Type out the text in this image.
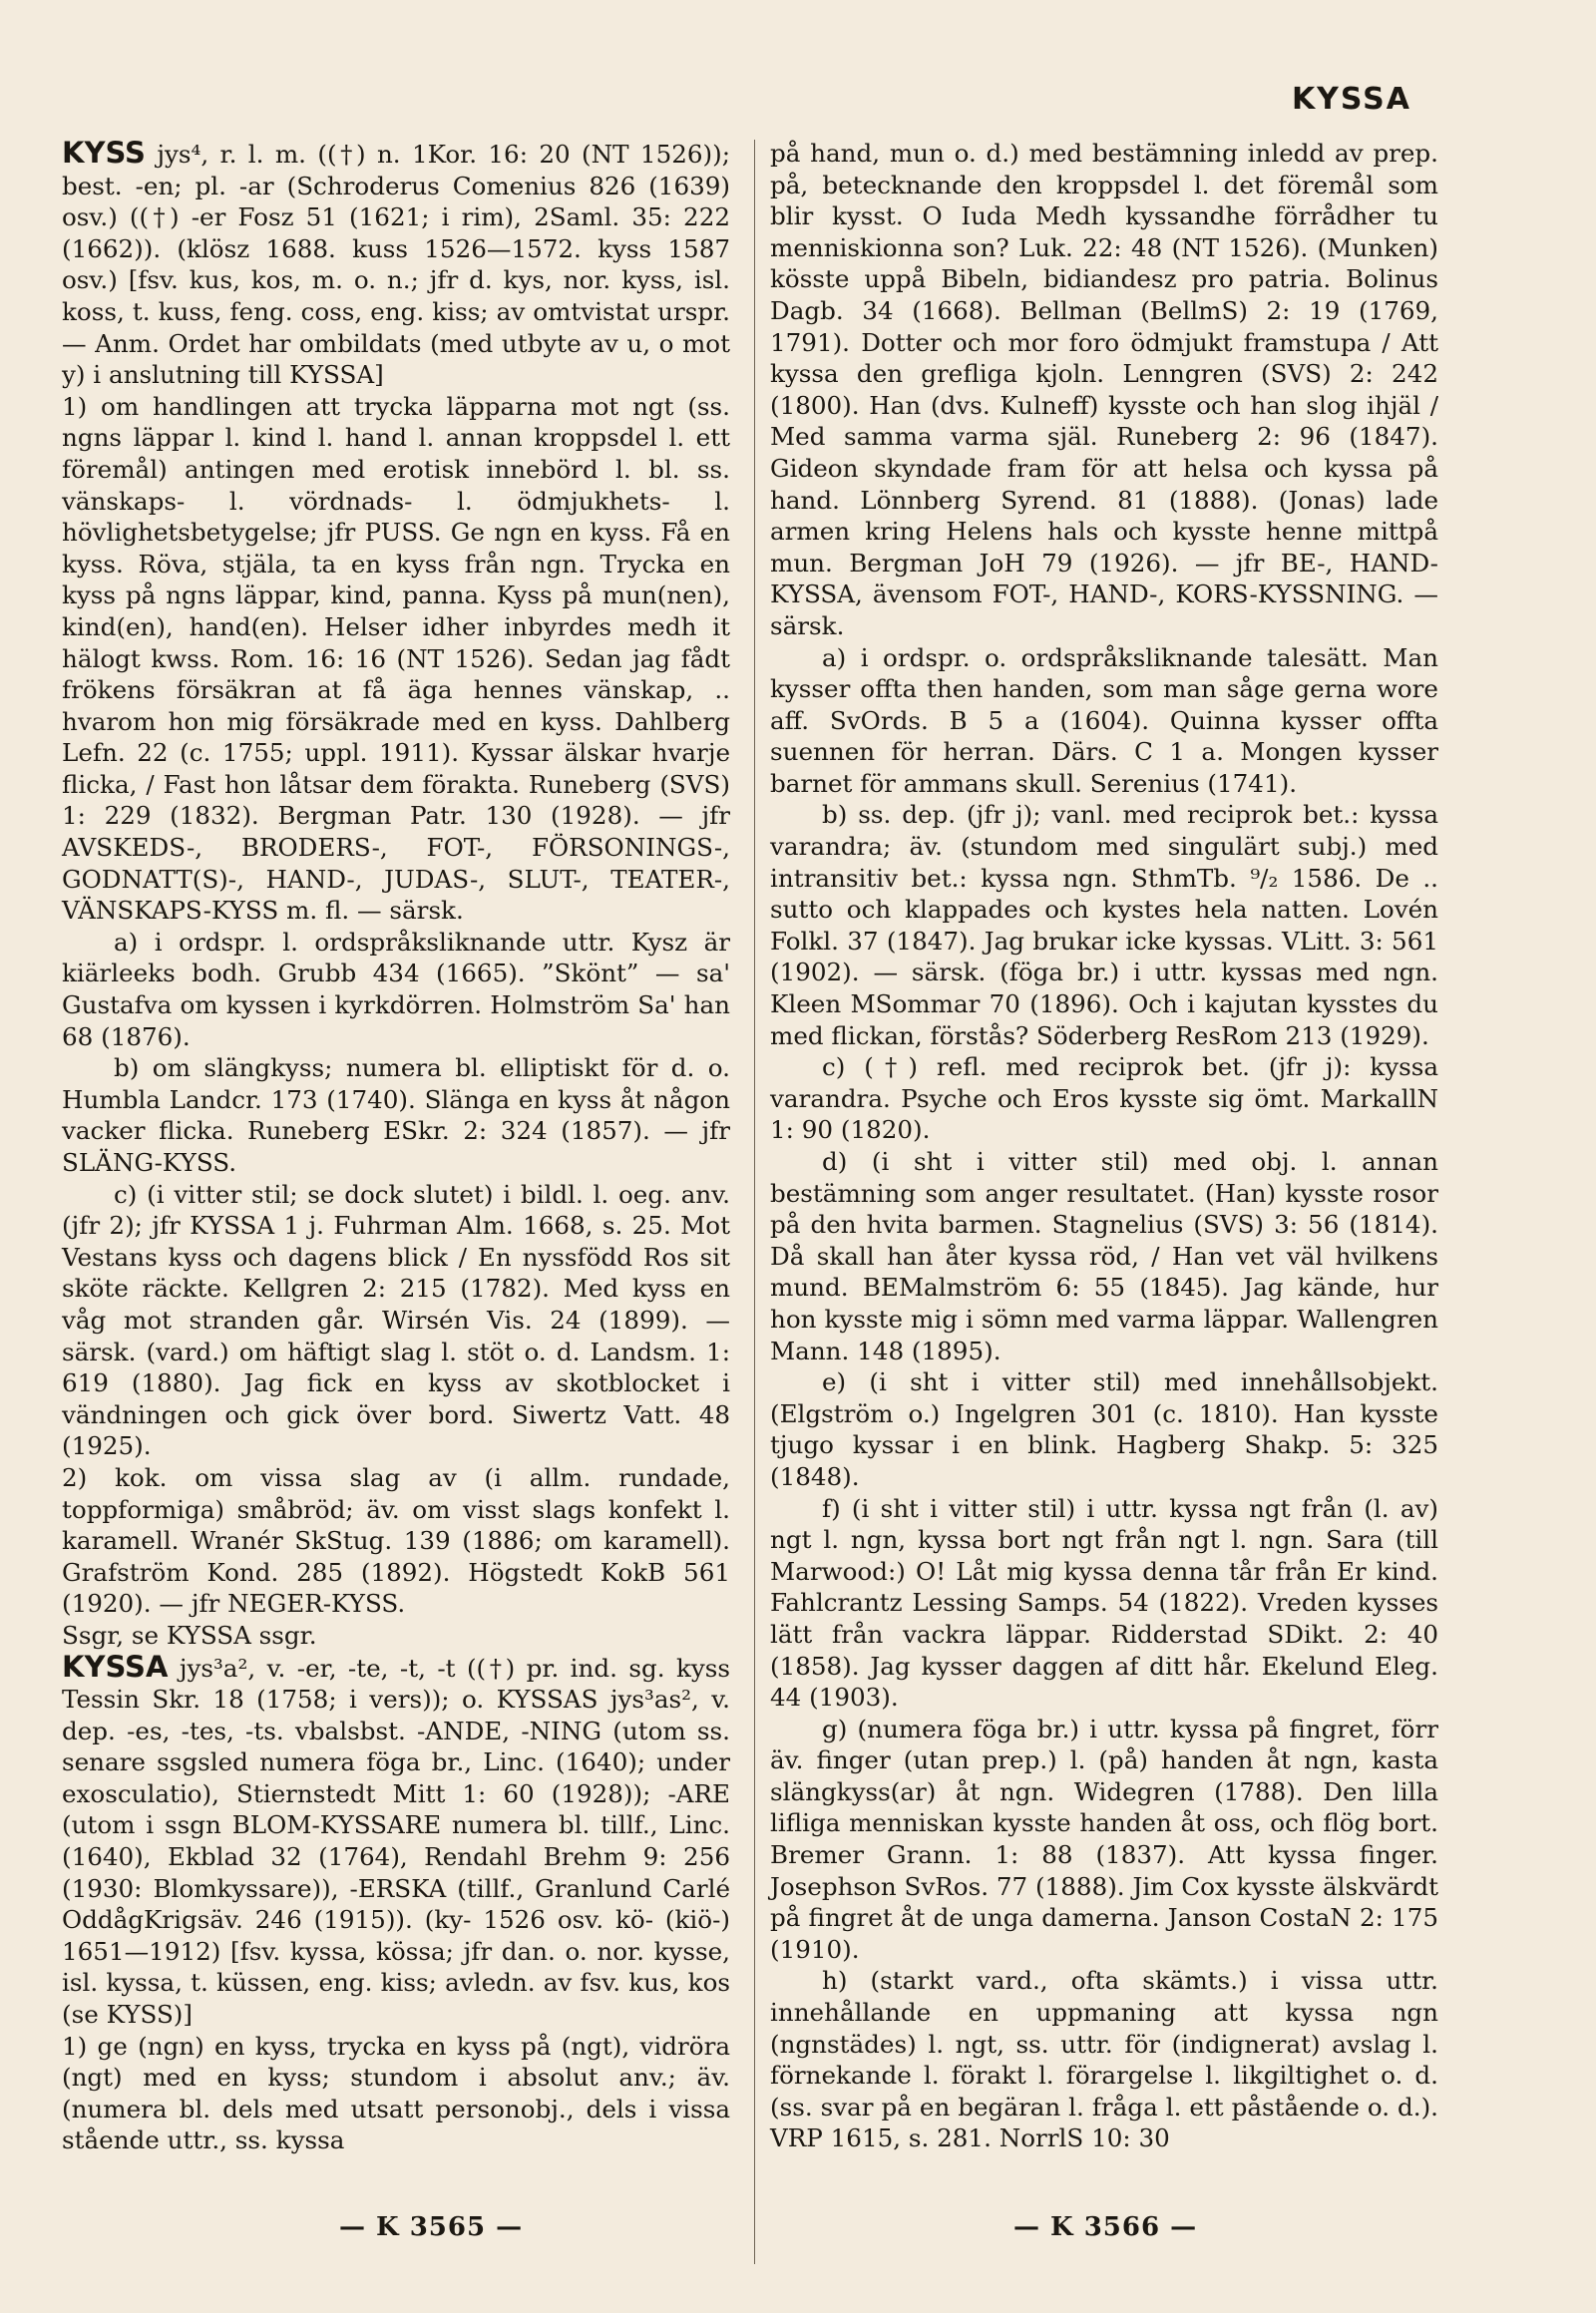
KYSSA

KYSS jys⁴, r. l. m. ((†) n. 1Kor. 16: 20 (NT 1526)); best. -en; pl. -ar (Schroderus Comenius 826 (1639) osv.) ((†) -er Fosz 51 (1621; i rim), 2Saml. 35: 222 (1662)). (klösz 1688. kuss 1526—1572. kyss 1587 osv.) [fsv. kus, kos, m. o. n.; jfr d. kys, nor. kyss, isl. koss, t. kuss, feng. coss, eng. kiss; av omtvistat urspr. — Anm. Ordet har ombildats (med utbyte av u, o mot y) i anslutning till KYSSA]

1) om handlingen att trycka läpparna mot ngt (ss. ngns läppar l. kind l. hand l. annan kroppsdel l. ett föremål) antingen med erotisk innebörd l. bl. ss. vänskaps- l. vördnads- l. ödmjukhets- l. hövlighetsbetygelse; jfr PUSS. Ge ngn en kyss. Få en kyss. Röva, stjäla, ta en kyss från ngn. Trycka en kyss på ngns läppar, kind, panna. Kyss på mun(nen), kind(en), hand(en). Helser idher inbyrdes medh it hälogt kwss. Rom. 16: 16 (NT 1526). Sedan jag fådt frökens försäkran at få äga hennes vänskap, .. hvarom hon mig försäkrade med en kyss. Dahlberg Lefn. 22 (c. 1755; uppl. 1911). Kyssar älskar hvarje flicka, / Fast hon låtsar dem förakta. Runeberg (SVS) 1: 229 (1832). Bergman Patr. 130 (1928). — jfr AVSKEDS-, BRODERS-, FOT-, FÖRSONINGS-, GODNATT(S)-, HAND-, JUDAS-, SLUT-, TEATER-, VÄNSKAPS-KYSS m. fl. — särsk.

a) i ordspr. l. ordspråksliknande uttr. Kysz är kiärleeks bodh. Grubb 434 (1665). ”Skönt” — sa' Gustafva om kyssen i kyrkdörren. Holmström Sa' han 68 (1876).

b) om slängkyss; numera bl. elliptiskt för d. o. Humbla Landcr. 173 (1740). Slänga en kyss åt någon vacker flicka. Runeberg ESkr. 2: 324 (1857). — jfr SLÄNG-KYSS.

c) (i vitter stil; se dock slutet) i bildl. l. oeg. anv. (jfr 2); jfr KYSSA 1 j. Fuhrman Alm. 1668, s. 25. Mot Vestans kyss och dagens blick / En nyssfödd Ros sit sköte räckte. Kellgren 2: 215 (1782). Med kyss en våg mot stranden går. Wirsén Vis. 24 (1899). — särsk. (vard.) om häftigt slag l. stöt o. d. Landsm. 1: 619 (1880). Jag fick en kyss av skotblocket i vändningen och gick över bord. Siwertz Vatt. 48 (1925).

2) kok. om vissa slag av (i allm. rundade, toppformiga) småbröd; äv. om visst slags konfekt l. karamell. Wranér SkStug. 139 (1886; om karamell). Grafström Kond. 285 (1892). Högstedt KokB 561 (1920). — jfr NEGER-KYSS.

Ssgr, se KYSSA ssgr.

KYSSA jys³a², v. -er, -te, -t, -t ((†) pr. ind. sg. kyss Tessin Skr. 18 (1758; i vers)); o. KYSSAS jys³as², v. dep. -es, -tes, -ts. vbalsbst. -ANDE, -NING (utom ss. senare ssgsled numera föga br., Linc. (1640); under exosculatio), Stiernstedt Mitt 1: 60 (1928)); -ARE (utom i ssgn BLOM-KYSSARE numera bl. tillf., Linc. (1640), Ekblad 32 (1764), Rendahl Brehm 9: 256 (1930: Blomkyssare)), -ERSKA (tillf., Granlund Carlé OddågKrigsäv. 246 (1915)). (ky- 1526 osv. kö- (kiö-) 1651—1912) [fsv. kyssa, kössa; jfr dan. o. nor. kysse, isl. kyssa, t. küssen, eng. kiss; avledn. av fsv. kus, kos (se KYSS)]

1) ge (ngn) en kyss, trycka en kyss på (ngt), vidröra (ngt) med en kyss; stundom i absolut anv.; äv. (numera bl. dels med utsatt personobj., dels i vissa stående uttr., ss. kyssa

på hand, mun o. d.) med bestämning inledd av prep. på, betecknande den kroppsdel l. det föremål som blir kysst. O Iuda Medh kyssandhe förrådher tu menniskionna son? Luk. 22: 48 (NT 1526). (Munken) kösste uppå Bibeln, bidiandesz pro patria. Bolinus Dagb. 34 (1668). Bellman (BellmS) 2: 19 (1769, 1791). Dotter och mor foro ödmjukt framstupa / Att kyssa den grefliga kjoln. Lenngren (SVS) 2: 242 (1800). Han (dvs. Kulneff) kysste och han slog ihjäl / Med samma varma själ. Runeberg 2: 96 (1847). Gideon skyndade fram för att helsa och kyssa på hand. Lönnberg Syrend. 81 (1888). (Jonas) lade armen kring Helens hals och kysste henne mittpå mun. Bergman JoH 79 (1926). — jfr BE-, HAND-KYSSA, ävensom FOT-, HAND-, KORS-KYSSNING. — särsk.

a) i ordspr. o. ordspråksliknande talesätt. Man kysser offta then handen, som man såge gerna wore aff. SvOrds. B 5 a (1604). Quinna kysser offta suennen för herran. Därs. C 1 a. Mongen kysser barnet för ammans skull. Serenius (1741).

b) ss. dep. (jfr j); vanl. med reciprok bet.: kyssa varandra; äv. (stundom med singulärt subj.) med intransitiv bet.: kyssa ngn. SthmTb. ⁹/₂ 1586. De .. sutto och klappades och kystes hela natten. Lovén Folkl. 37 (1847). Jag brukar icke kyssas. VLitt. 3: 561 (1902). — särsk. (föga br.) i uttr. kyssas med ngn. Kleen MSommar 70 (1896). Och i kajutan kysstes du med flickan, förstås? Söderberg ResRom 213 (1929).

c) (†) refl. med reciprok bet. (jfr j): kyssa varandra. Psyche och Eros kysste sig ömt. MarkallN 1: 90 (1820).

d) (i sht i vitter stil) med obj. l. annan bestämning som anger resultatet. (Han) kysste rosor på den hvita barmen. Stagnelius (SVS) 3: 56 (1814). Då skall han åter kyssa röd, / Han vet väl hvilkens mund. BEMalmström 6: 55 (1845). Jag kände, hur hon kysste mig i sömn med varma läppar. Wallengren Mann. 148 (1895).

e) (i sht i vitter stil) med innehållsobjekt. (Elgström o.) Ingelgren 301 (c. 1810). Han kysste tjugo kyssar i en blink. Hagberg Shakp. 5: 325 (1848).

f) (i sht i vitter stil) i uttr. kyssa ngt från (l. av) ngt l. ngn, kyssa bort ngt från ngt l. ngn. Sara (till Marwood:) O! Låt mig kyssa denna tår från Er kind. Fahlcrantz Lessing Samps. 54 (1822). Vreden kysses lätt från vackra läppar. Ridderstad SDikt. 2: 40 (1858). Jag kysser daggen af ditt hår. Ekelund Eleg. 44 (1903).

g) (numera föga br.) i uttr. kyssa på fingret, förr äv. finger (utan prep.) l. (på) handen åt ngn, kasta slängkyss(ar) åt ngn. Widegren (1788). Den lilla lifliga menniskan kysste handen åt oss, och flög bort. Bremer Grann. 1: 88 (1837). Att kyssa finger. Josephson SvRos. 77 (1888). Jim Cox kysste älskvärdt på fingret åt de unga damerna. Janson CostaN 2: 175 (1910).

h) (starkt vard., ofta skämts.) i vissa uttr. innehållande en uppmaning att kyssa ngn (ngnstädes) l. ngt, ss. uttr. för (indignerat) avslag l. förnekande l. förakt l. förargelse l. likgiltighet o. d. (ss. svar på en begäran l. fråga l. ett påstående o. d.). VRP 1615, s. 281. NorrlS 10: 30

— K 3565 —	— K 3566 —
